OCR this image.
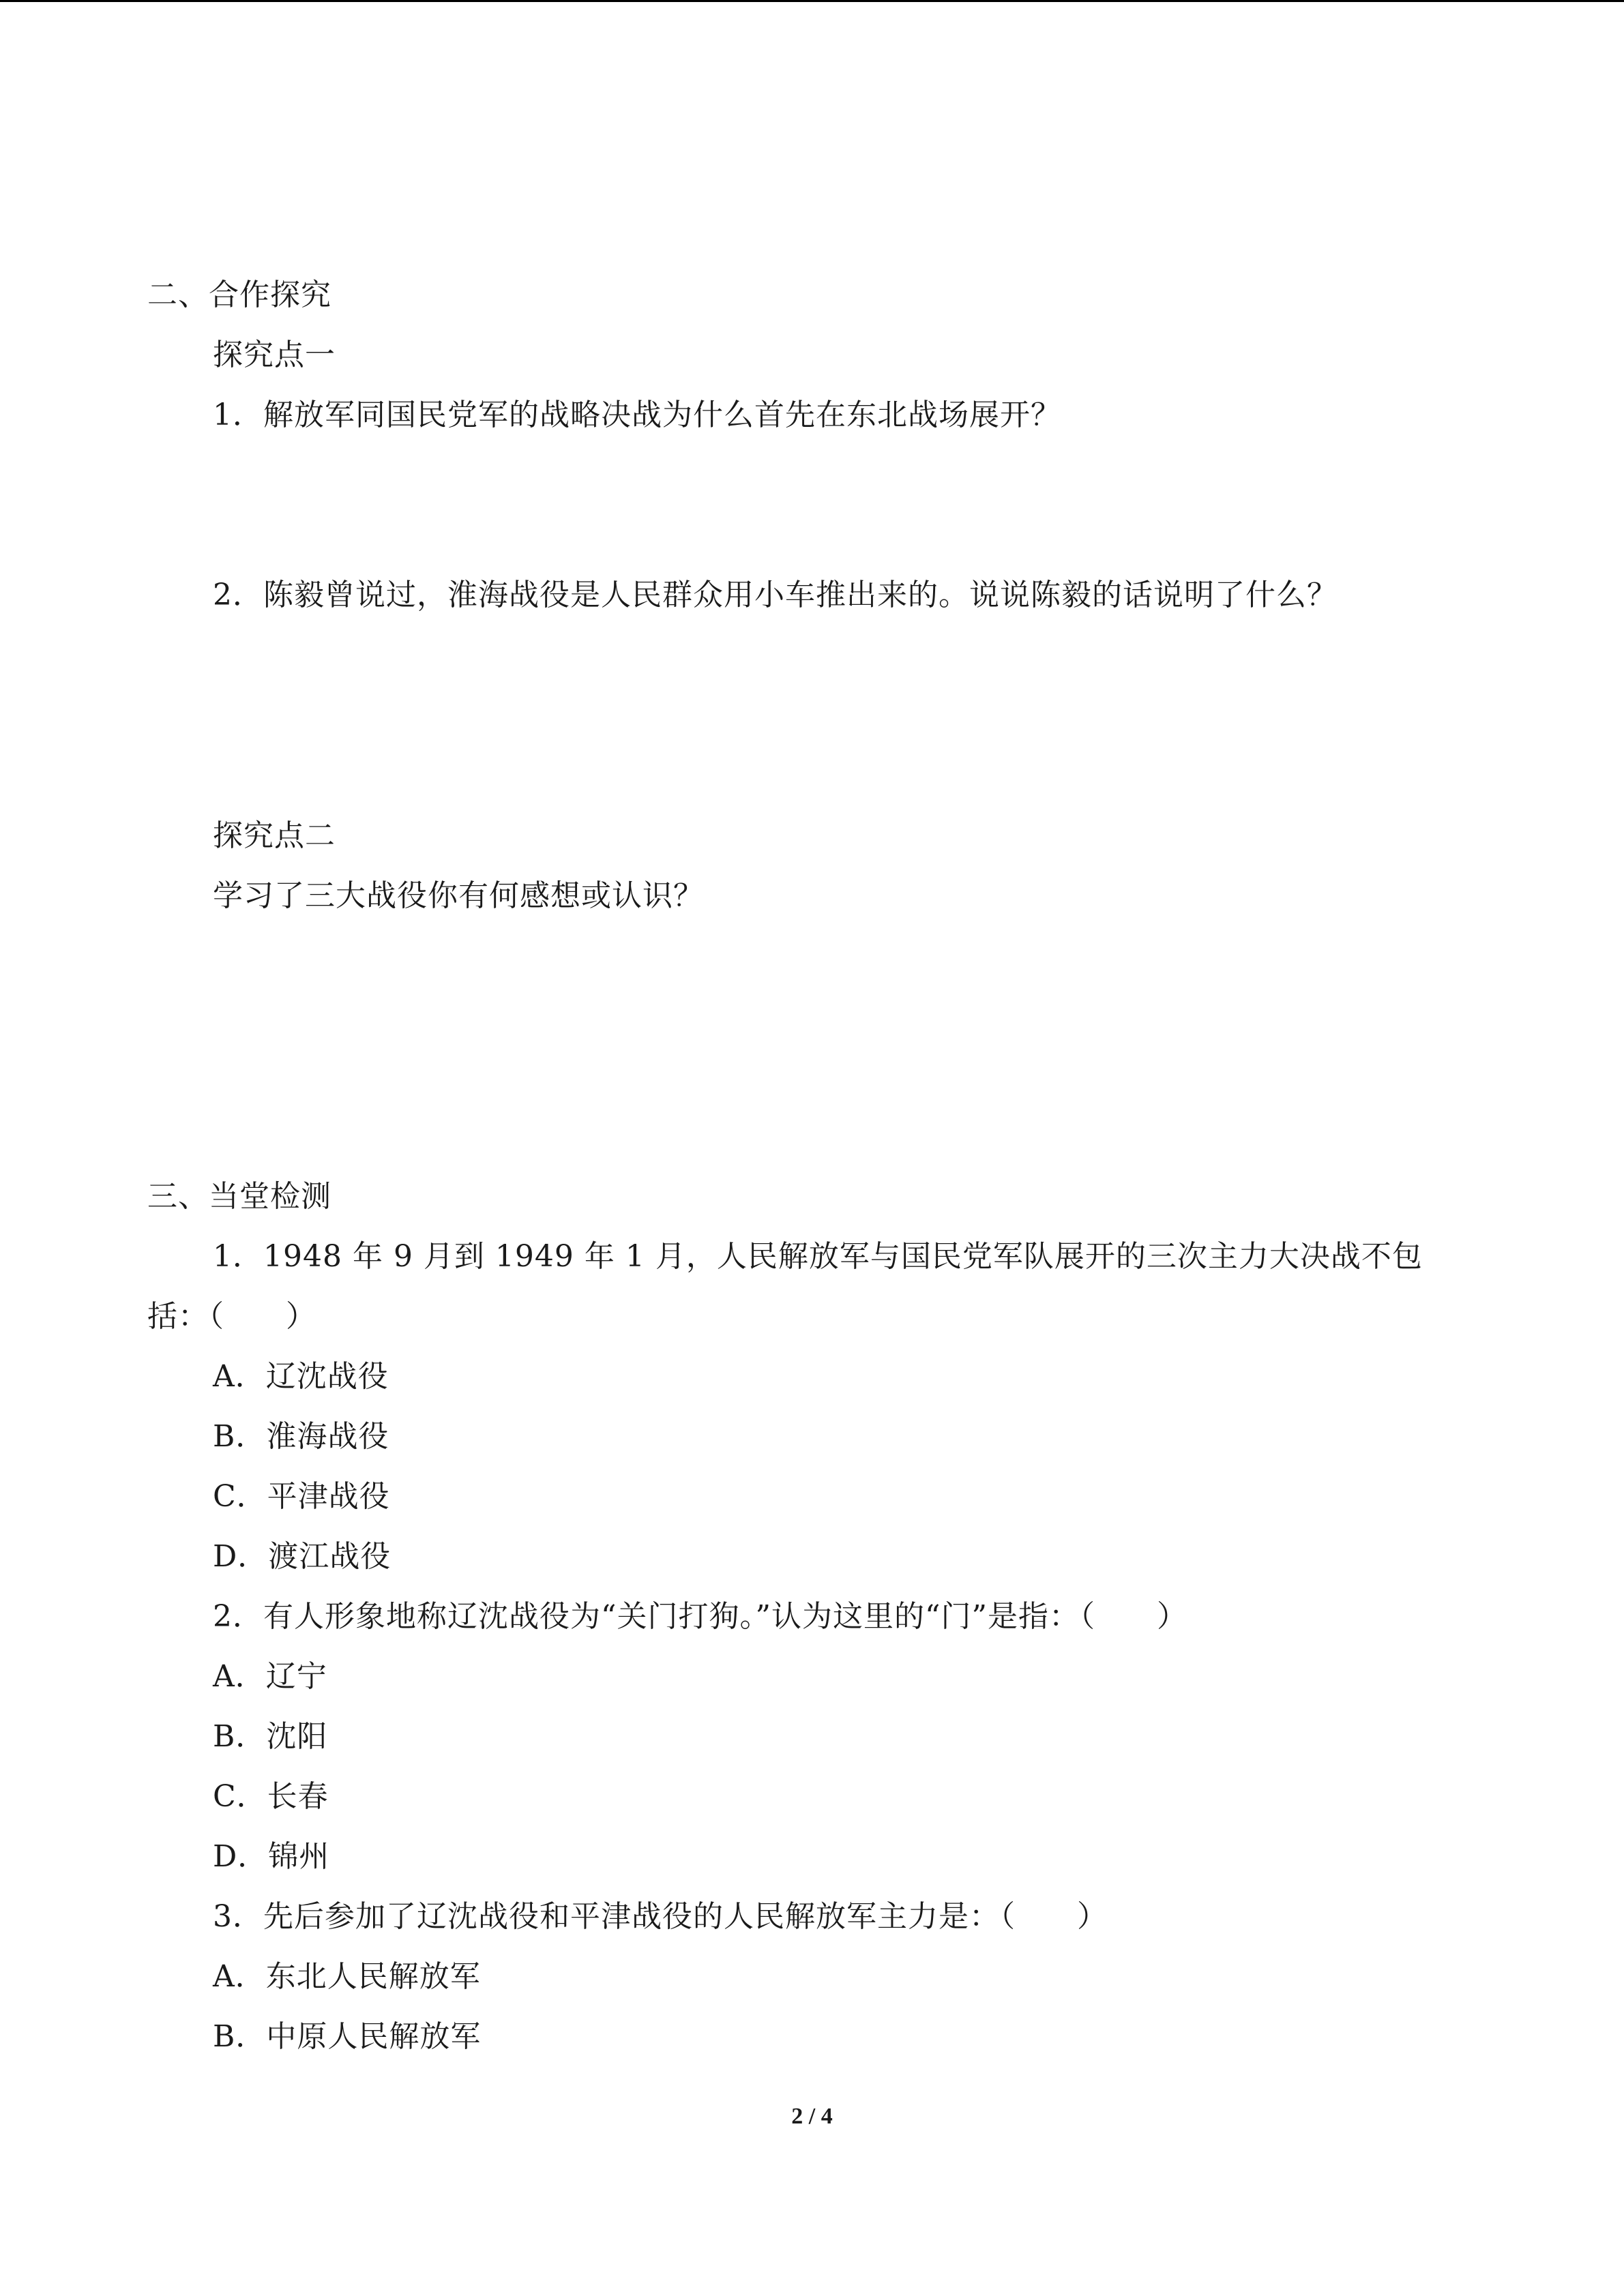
二、合作探究
探究点一
1．解放军同国民党军的战略决战为什么首先在东北战场展开？
2．陈毅曾说过，淮海战役是人民群众用小车推出来的。说说陈毅的话说明了什么？
探究点二
学习了三大战役你有何感想或认识？
三、当堂检测
1．1948 年 9 月到 1949 年 1 月，人民解放军与国民党军队展开的三次主力大决战不包
括：（　　）
A．辽沈战役
B．淮海战役
C．平津战役
D．渡江战役
2．有人形象地称辽沈战役为“关门打狗。”认为这里的“门”是指：（　　）
A．辽宁
B．沈阳
C．长春
D．锦州
3．先后参加了辽沈战役和平津战役的人民解放军主力是：（　　）
A．东北人民解放军
B．中原人民解放军
2 / 4
